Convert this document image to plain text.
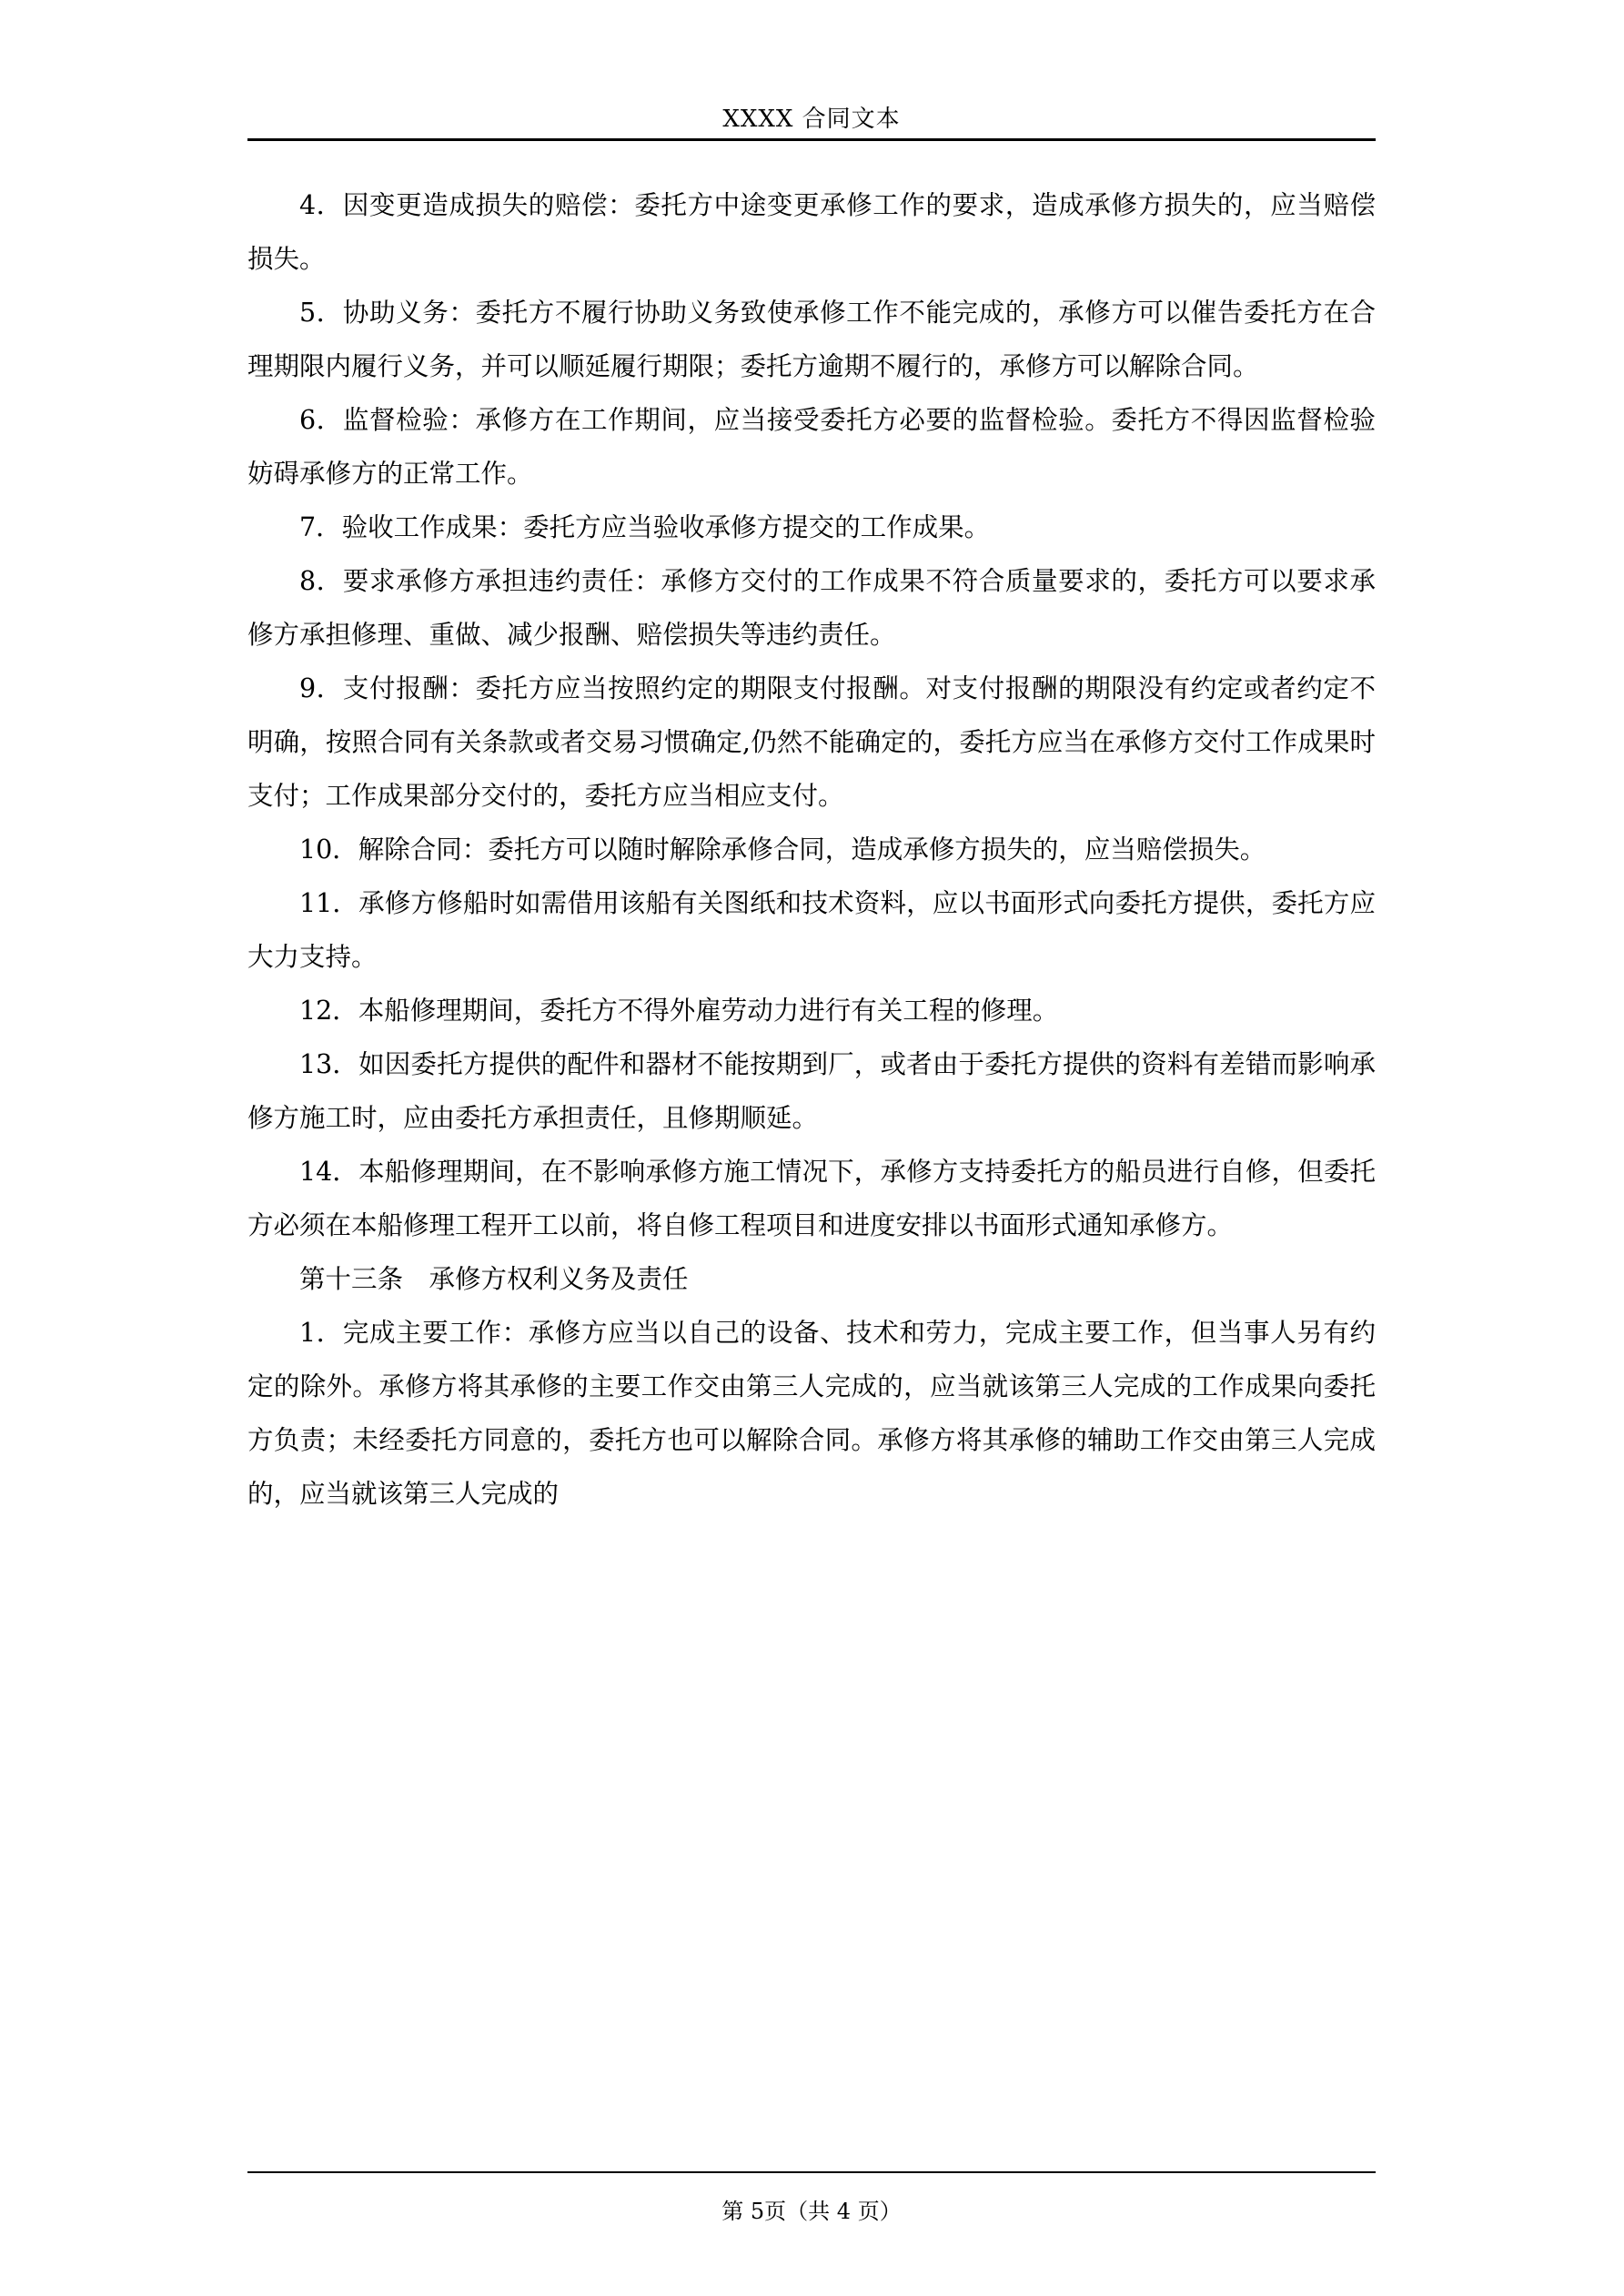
XXXX 合同文本

4．因变更造成损失的赔偿：委托方中途变更承修工作的要求，造成承修方损失的，应当赔偿损失。

5．协助义务：委托方不履行协助义务致使承修工作不能完成的，承修方可以催告委托方在合理期限内履行义务，并可以顺延履行期限；委托方逾期不履行的，承修方可以解除合同。

6．监督检验：承修方在工作期间，应当接受委托方必要的监督检验。委托方不得因监督检验妨碍承修方的正常工作。

7．验收工作成果：委托方应当验收承修方提交的工作成果。

8．要求承修方承担违约责任：承修方交付的工作成果不符合质量要求的，委托方可以要求承修方承担修理、重做、减少报酬、赔偿损失等违约责任。

9．支付报酬：委托方应当按照约定的期限支付报酬。对支付报酬的期限没有约定或者约定不明确，按照合同有关条款或者交易习惯确定,仍然不能确定的，委托方应当在承修方交付工作成果时支付；工作成果部分交付的，委托方应当相应支付。

10．解除合同：委托方可以随时解除承修合同，造成承修方损失的，应当赔偿损失。

11．承修方修船时如需借用该船有关图纸和技术资料，应以书面形式向委托方提供，委托方应大力支持。

12．本船修理期间，委托方不得外雇劳动力进行有关工程的修理。

13．如因委托方提供的配件和器材不能按期到厂，或者由于委托方提供的资料有差错而影响承修方施工时，应由委托方承担责任，且修期顺延。

14．本船修理期间，在不影响承修方施工情况下，承修方支持委托方的船员进行自修，但委托方必须在本船修理工程开工以前，将自修工程项目和进度安排以书面形式通知承修方。

第十三条　承修方权利义务及责任

1．完成主要工作：承修方应当以自己的设备、技术和劳力，完成主要工作，但当事人另有约定的除外。承修方将其承修的主要工作交由第三人完成的，应当就该第三人完成的工作成果向委托方负责；未经委托方同意的，委托方也可以解除合同。承修方将其承修的辅助工作交由第三人完成的，应当就该第三人完成的

第 5页（共 4 页）
